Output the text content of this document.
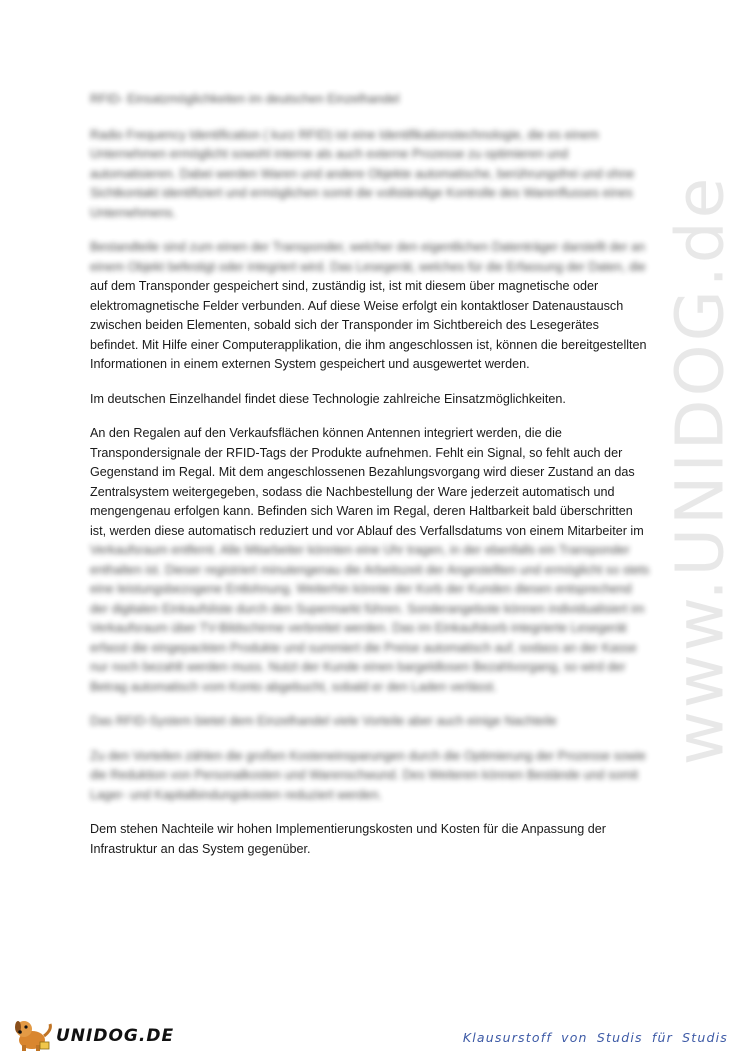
www.UNIDOG.de
RFID- Einsatzmöglichkeiten im deutschen Einzelhandel

Radio Frequency Identification ( kurz RFID) ist eine Identifikationstechnologie, die es einem Unternehmen ermöglicht sowohl interne als auch externe Prozesse zu optimieren und automatisieren. Dabei werden Waren und andere Objekte automatische, berührungsfrei und ohne Sichtkontakt identifiziert und ermöglichen somit die vollständige Kontrolle des Warenflusses eines Unternehmens.

Bestandteile sind zum einen der Transponder, welcher den eigentlichen Datenträger darstellt der an einem Objekt befestigt oder integriert wird. Das Lesegerät, welches für die Erfassung der Daten, die auf dem Transponder gespeichert sind, zuständig ist, ist mit diesem über magnetische oder elektromagnetische Felder verbunden. Auf diese Weise erfolgt ein kontaktloser Datenaustausch zwischen beiden Elementen, sobald sich der Transponder im Sichtbereich des Lesegerätes befindet. Mit Hilfe einer Computerapplikation, die ihm angeschlossen ist, können die bereitgestellten Informationen in einem externen System gespeichert und ausgewertet werden.

Im deutschen Einzelhandel findet diese Technologie zahlreiche Einsatzmöglichkeiten.

An den Regalen auf den Verkaufsflächen können Antennen integriert werden, die die Transpondersignale der RFID-Tags der Produkte aufnehmen. Fehlt ein Signal, so fehlt auch der Gegenstand im Regal. Mit dem angeschlossenen Bezahlungsvorgang wird dieser Zustand an das Zentralsystem weitergegeben, sodass die Nachbestellung der Ware jederzeit automatisch und mengengenau erfolgen kann. Befinden sich Waren im Regal, deren Haltbarkeit bald überschritten ist, werden diese automatisch reduziert und vor Ablauf des Verfallsdatums von einem Mitarbeiter im Verkaufsraum entfernt. Alle Mitarbeiter könnten eine Uhr tragen, in der ebenfalls ein Transponder enthalten ist. Dieser registriert minutengenau die Arbeitszeit der Angestellten und ermöglicht so stets eine leistungsbezogene Entlohnung. Weiterhin könnte der Korb der Kunden diesen entsprechend der digitalen Einkaufsliste durch den Supermarkt führen. Sonderangebote können individualisiert im Verkaufsraum über TV-Bildschirme verbreitet werden. Das im Einkaufskorb integrierte Lesegerät erfasst die eingepackten Produkte und summiert die Preise automatisch auf, sodass an der Kasse nur noch bezahlt werden muss. Nutzt der Kunde einen bargeldlosen Bezahlvorgang, so wird der Betrag automatisch vom Konto abgebucht, sobald er den Laden verlässt.

Das RFID-System bietet dem Einzelhandel viele Vorteile aber auch einige Nachteile

Zu den Vorteilen zählen die großen Kosteneinsparungen durch die Optimierung der Prozesse sowie die Reduktion von Personalkosten und Warenschwund. Des Weiteren können Bestände und somit Lager- und Kapitalbindungskosten reduziert werden.

Dem stehen Nachteile wir hohen Implementierungskosten und Kosten für die Anpassung der Infrastruktur an das System gegenüber.

UNIDOG.DE	Klausurstoff von Studis für Studis
